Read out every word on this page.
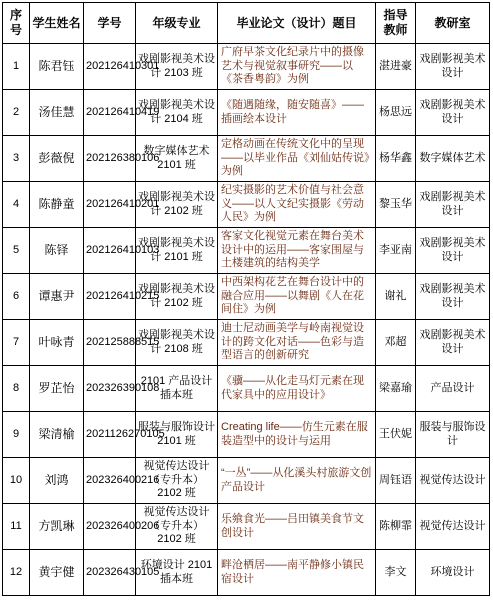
序号	学生姓名	学号	年级专业	毕业论文（设计）题目	指导教师	教研室
1	陈君钰	202126410301	戏剧影视美术设计 2103 班	广府早茶文化纪录片中的摄像艺术与视觉叙事研究——以《茶香粤韵》为例	湛进豪	戏剧影视美术设计
2	汤佳慧	202126410419	戏剧影视美术设计 2104 班	《随遇随缘，随安随喜》——插画绘本设计	杨思远	戏剧影视美术设计
3	彭薇倪	202126380106	数字媒体艺术 2101 班	定格动画在传统文化中的呈现——以毕业作品《刘仙姑传说》为例	杨华鑫	数字媒体艺术
4	陈静童	202126410201	戏剧影视美术设计 2102 班	纪实摄影的艺术价值与社会意义——以人文纪实摄影《劳动人民》为例	黎玉华	戏剧影视美术设计
5	陈铎	202126410103	戏剧影视美术设计 2101 班	客家文化视觉元素在舞台美术设计中的运用——客家围屋与土楼建筑的结构美学	李亚南	戏剧影视美术设计
6	谭惠尹	202126410215	戏剧影视美术设计 2102 班	中西架构花艺在舞台设计中的融合应用——以舞剧《人在花间住》为例	谢礼	戏剧影视美术设计
7	叶咏青	202125888515	戏剧影视美术设计 2108 班	迪士尼动画美学与岭南视觉设计的跨文化对话——色彩与造型语言的创新研究	邓超	戏剧影视美术设计
8	罗芷怡	202326390108	2101 产品设计插本班	《骥——从化走马灯元素在现代家具中的应用设计》	梁嘉瑜	产品设计
9	梁清榆	2021126270105	服装与服饰设计 2101 班	Creating life——仿生元素在服装造型中的设计与运用	王伏妮	服装与服饰设计
10	刘鸿	202326400216	视觉传达设计（专升本）2102 班	“一丛”——从化溪头村旅游文创产品设计	周钰语	视觉传达设计
11	方凯琳	202326400206	视觉传达设计（专升本）2102 班	乐飨食光——吕田镇美食节文创设计	陈柳霏	视觉传达设计
12	黄宇健	202326430105	环境设计 2101 插本班	畔沧栖居——南平静修小镇民宿设计	李文	环境设计
